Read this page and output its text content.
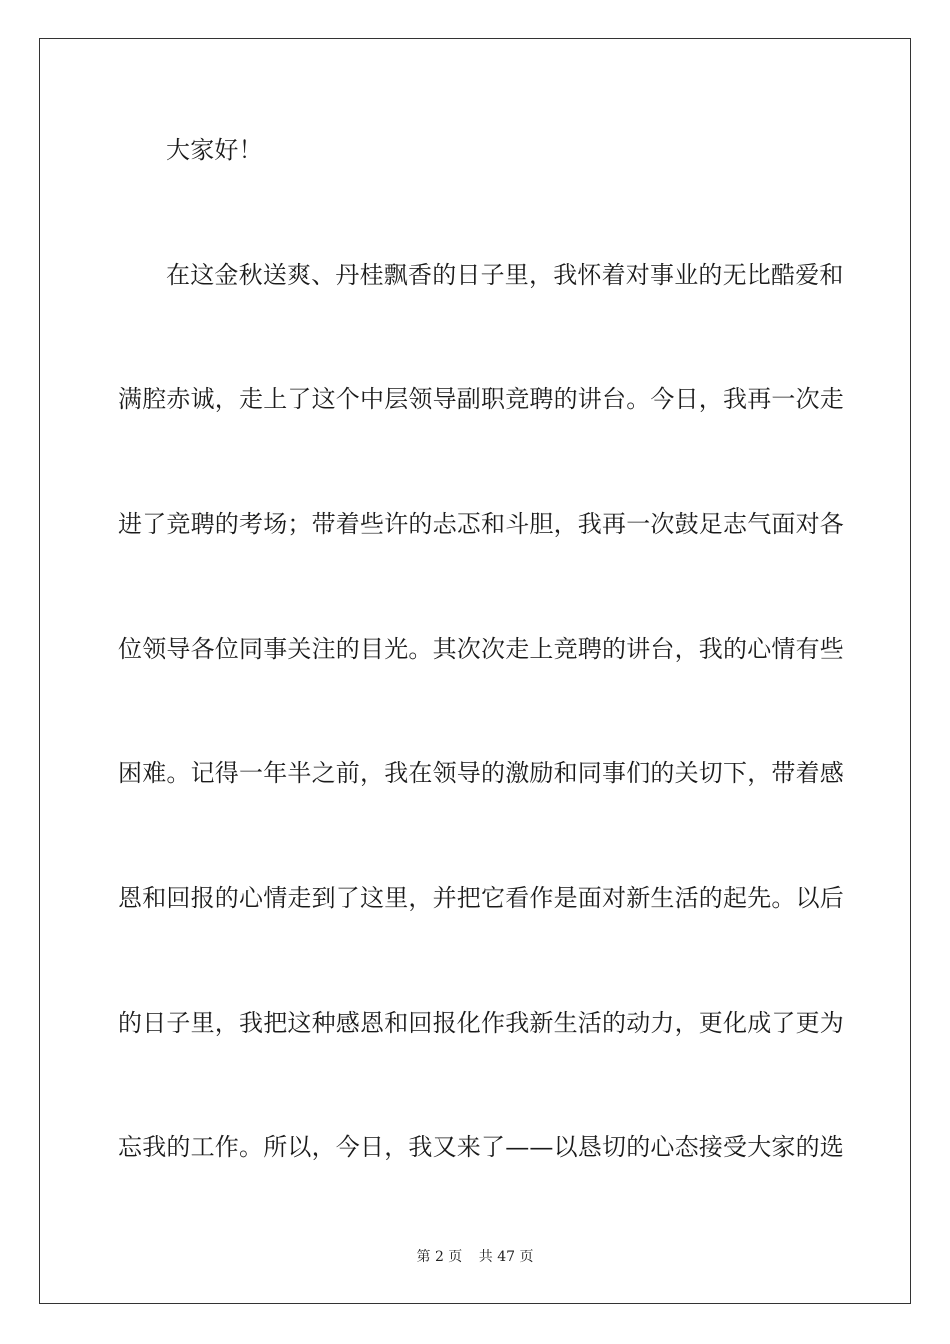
大家好！

在这金秋送爽、丹桂飘香的日子里，我怀着对事业的无比酷爱和

满腔赤诚，走上了这个中层领导副职竞聘的讲台。今日，我再一次走

进了竞聘的考场；带着些许的忐忑和斗胆，我再一次鼓足志气面对各

位领导各位同事关注的目光。其次次走上竞聘的讲台，我的心情有些

困难。记得一年半之前，我在领导的激励和同事们的关切下，带着感

恩和回报的心情走到了这里，并把它看作是面对新生活的起先。以后

的日子里，我把这种感恩和回报化作我新生活的动力，更化成了更为

忘我的工作。所以，今日，我又来了——以恳切的心态接受大家的选

第 2 页 共 47 页
